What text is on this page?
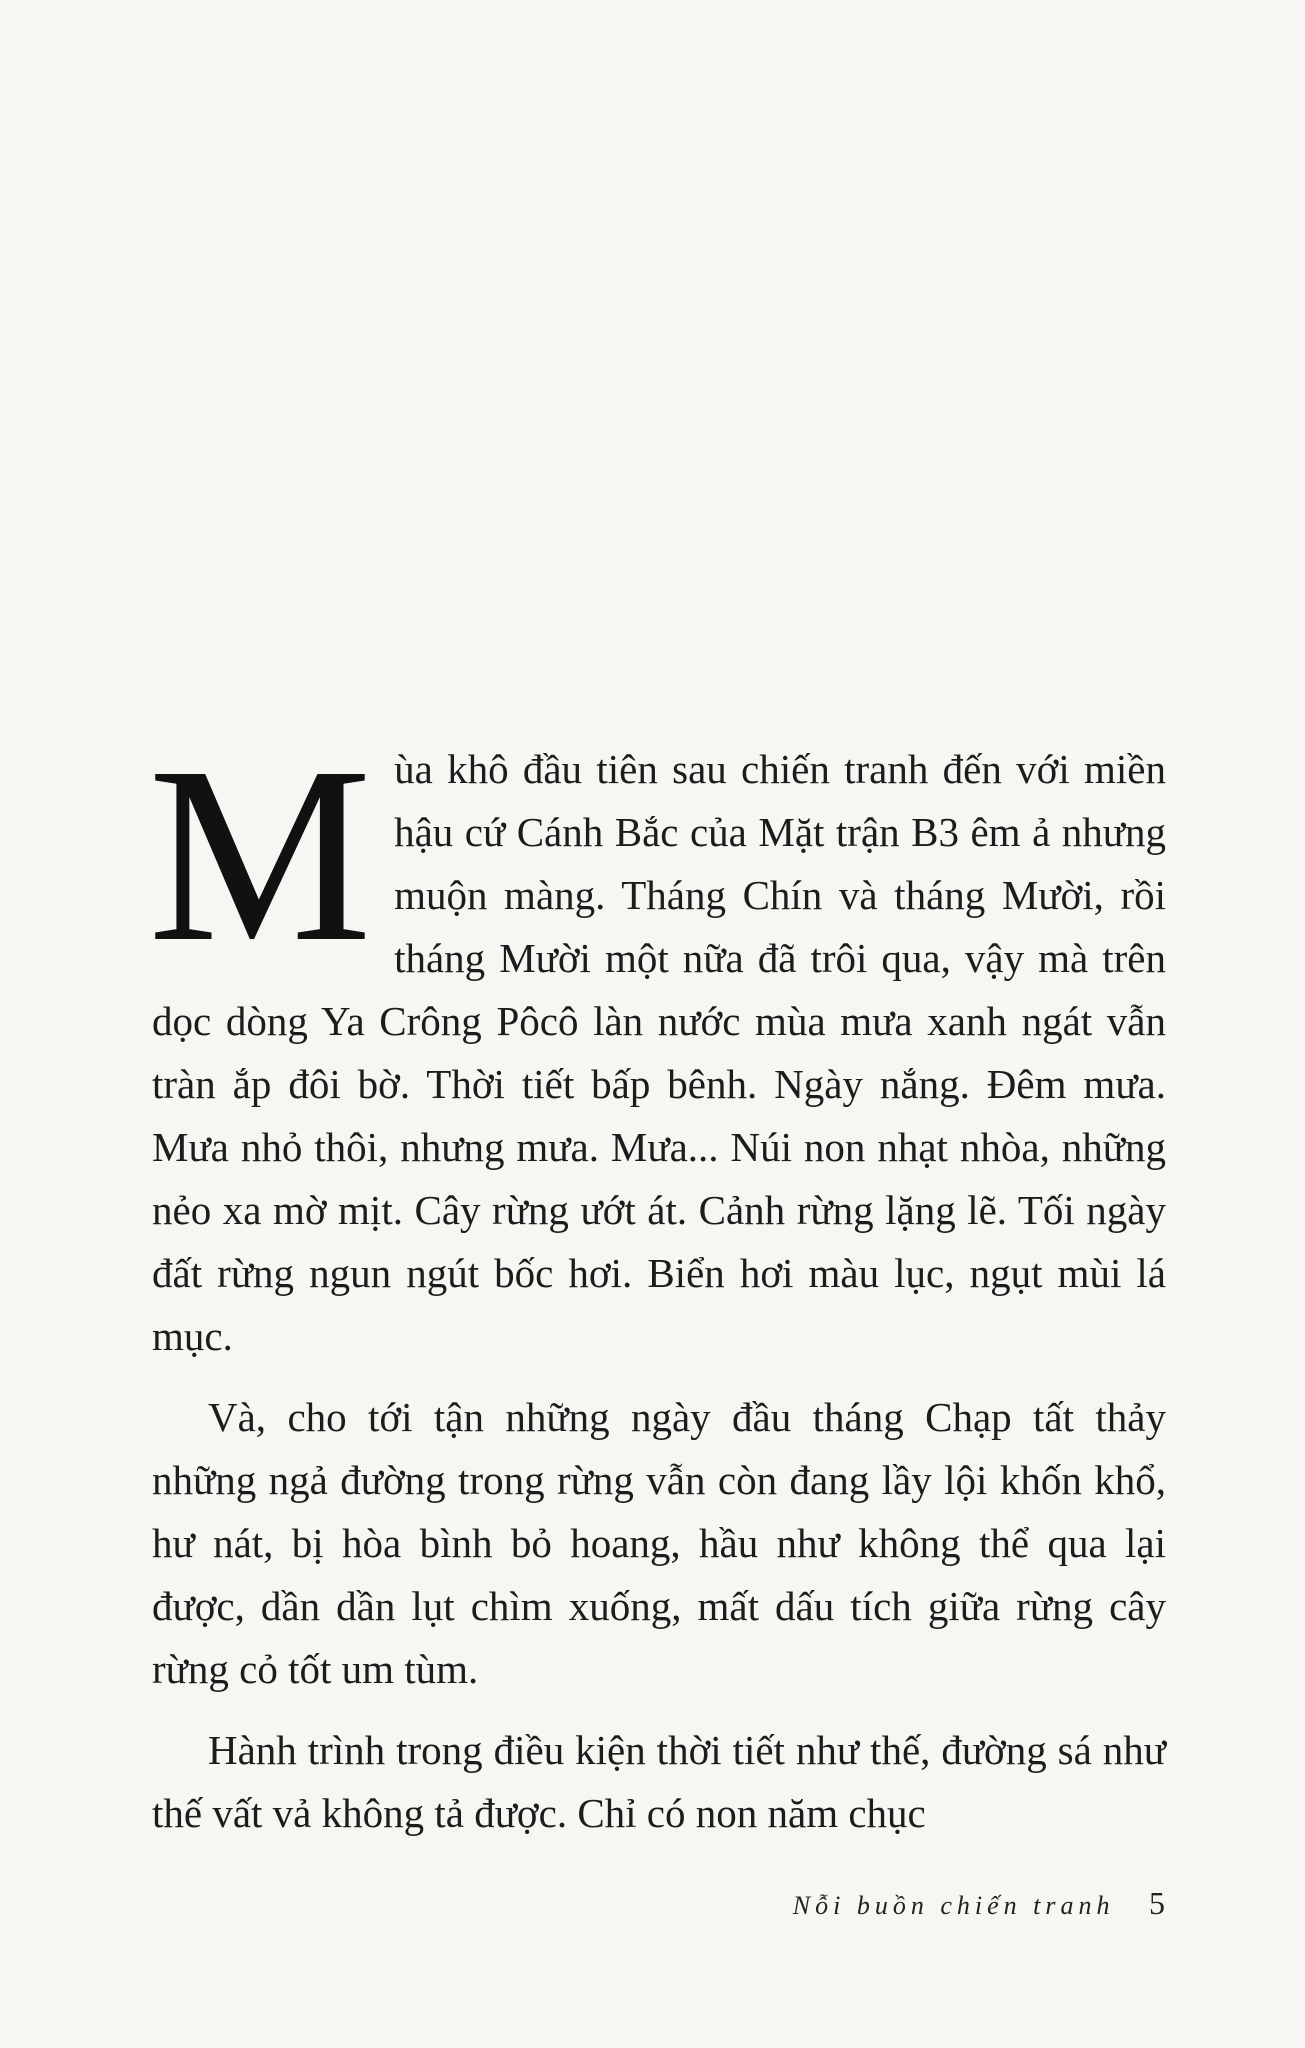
Mùa khô đầu tiên sau chiến tranh đến với miền hậu cứ Cánh Bắc của Mặt trận B3 êm ả nhưng muộn màng. Tháng Chín và tháng Mười, rồi tháng Mười một nữa đã trôi qua, vậy mà trên dọc dòng Ya Crông Pôcô làn nước mùa mưa xanh ngát vẫn tràn ắp đôi bờ. Thời tiết bấp bênh. Ngày nắng. Đêm mưa. Mưa nhỏ thôi, nhưng mưa. Mưa... Núi non nhạt nhòa, những nẻo xa mờ mịt. Cây rừng ướt át. Cảnh rừng lặng lẽ. Tối ngày đất rừng ngun ngút bốc hơi. Biển hơi màu lục, ngụt mùi lá mục.

Và, cho tới tận những ngày đầu tháng Chạp tất thảy những ngả đường trong rừng vẫn còn đang lầy lội khốn khổ, hư nát, bị hòa bình bỏ hoang, hầu như không thể qua lại được, dần dần lụt chìm xuống, mất dấu tích giữa rừng cây rừng cỏ tốt um tùm.

Hành trình trong điều kiện thời tiết như thế, đường sá như thế vất vả không tả được. Chỉ có non năm chục

Nỗi buồn chiến tranh 5
